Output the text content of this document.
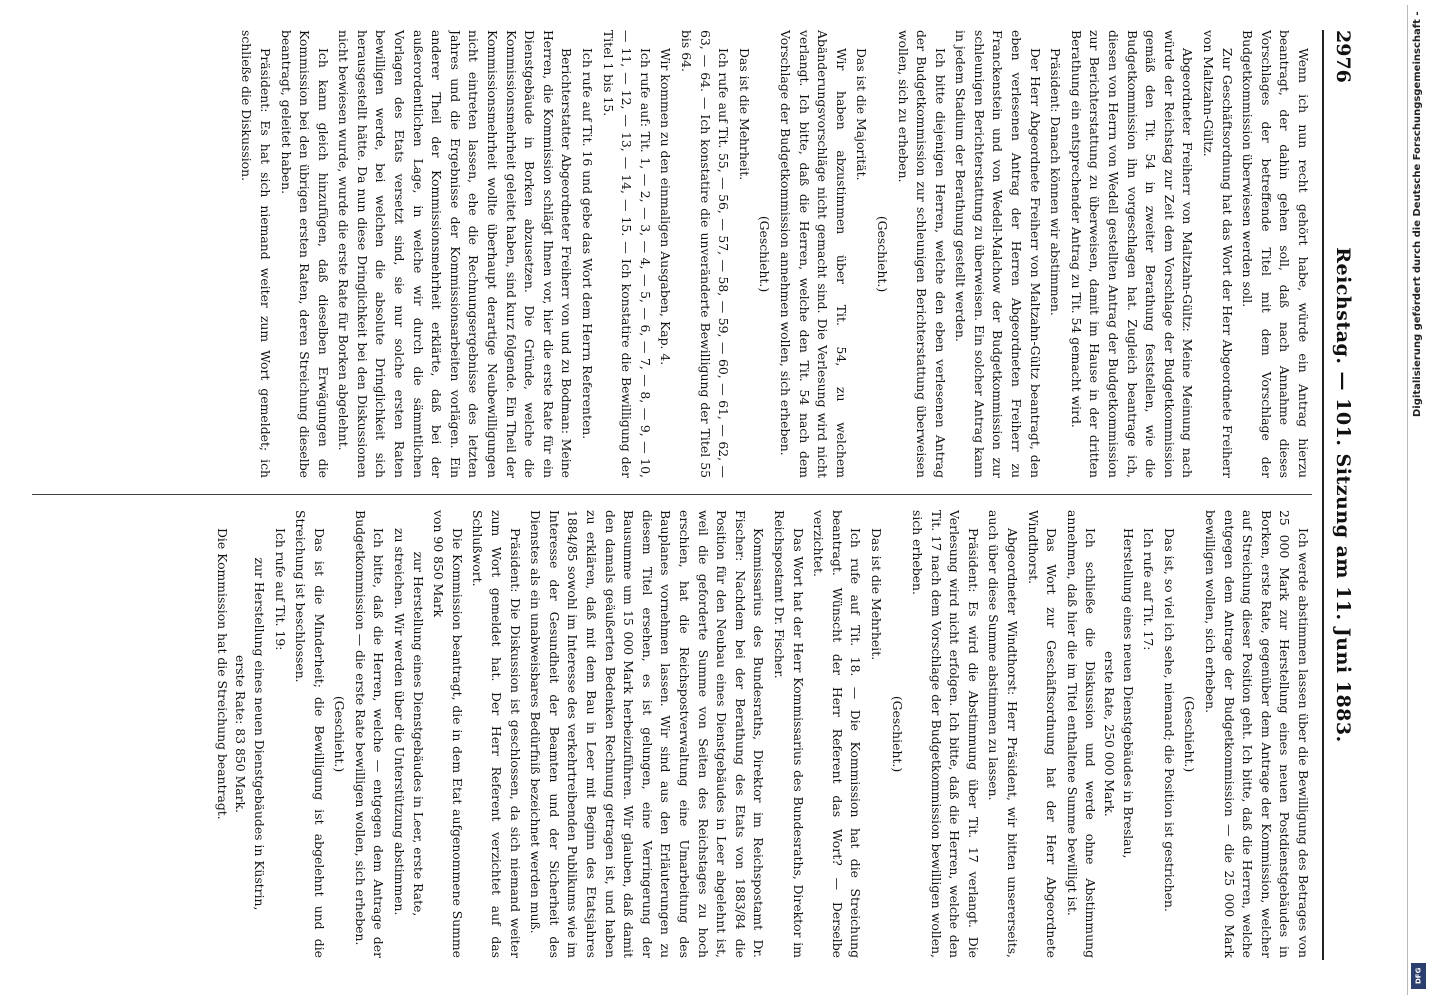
2976
Reichstag. — 101. Sitzung am 11. Juni 1883.

Wenn ich nun recht gehört habe, würde ein Antrag hierzu beantragt, der dahin gehen soll, daß nach Annahme dieses Vorschlages der betreffende Titel mit dem Vorschlage der Budgetkommission überwiesen werden soll.

Zur Geschäftsordnung hat das Wort der Herr Abgeordnete Freiherr von Maltzahn-Gültz.

Abgeordneter Freiherr von Maltzahn-Gültz: Meine Meinung nach würde der Reichstag zur Zeit dem Vorschlage der Budgetkommission gemäß den Tit. 54 in zweiter Berathung feststellen, wie die Budgetkommission ihn vorgeschlagen hat. Zugleich beantrage ich, diesen von Herrn von Wedell gestellten Antrag der Budgetkommission zur Berichterstattung zu überweisen, damit im Hause in der dritten Berathung ein entsprechender Antrag zu Tit. 54 gemacht wird.

Präsident: Danach können wir abstimmen.

Der Herr Abgeordnete Freiherr von Maltzahn-Gültz beantragt, den eben verlesenen Antrag der Herren Abgeordneten Freiherr zu Franckenstein und von Wedell-Malchow der Budgetkommission zur schleunigen Berichterstattung zu überweisen. Ein solcher Antrag kann in jedem Stadium der Berathung gestellt werden.

Ich bitte diejenigen Herren, welche den eben verlesenen Antrag der Budgetkommission zur schleunigen Berichterstattung überweisen wollen, sich zu erheben.

(Geschieht.)

Das ist die Majorität.

Wir haben abzustimmen über Tit. 54, zu welchem Abänderungsvorschläge nicht gemacht sind. Die Verlesung wird nicht verlangt. Ich bitte, daß die Herren, welche den Tit. 54 nach dem Vorschlage der Budgetkommission annehmen wollen, sich erheben.

(Geschieht.)

Das ist die Mehrheit.

Ich rufe auf Tit. 55, — 56, — 57, — 58, — 59, — 60, — 61, — 62, — 63, — 64. — Ich konstatire die unveränderte Bewilligung der Titel 55 bis 64.

Wir kommen zu den einmaligen Ausgaben, Kap. 4.

Ich rufe auf: Tit. 1, — 2, — 3, — 4, — 5, — 6, — 7, — 8, — 9, — 10, — 11, — 12, — 13, — 14, — 15. — Ich konstatire die Bewilligung der Titel 1 bis 15.

Ich rufe auf Tit. 16 und gebe das Wort dem Herrn Referenten.

Berichterstatter Abgeordneter Freiherr von und zu Bodman: Meine Herren, die Kommission schlägt Ihnen vor, hier die erste Rate für ein Dienstgebäude in Borken abzusetzen. Die Gründe, welche die Kommissionsmehrheit geleitet haben, sind kurz folgende. Ein Theil der Kommissionsmehrheit wollte überhaupt derartige Neubewilligungen nicht eintreten lassen, ehe die Rechnungsergebnisse des letzten Jahres und die Ergebnisse der Kommissionsarbeiten vorlägen. Ein anderer Theil der Kommissionsmehrheit erklärte, daß bei der außerordentlichen Lage, in welche wir durch die sämmtlichen Vorlagen des Etats versetzt sind, sie nur solche ersten Raten bewilligen werde, bei welchen die absolute Dringlichkeit sich herausgestellt hätte. Da nun diese Dringlichkeit bei den Diskussionen nicht bewiesen wurde, wurde die erste Rate für Borken abgelehnt.

Ich kann gleich hinzufügen, daß dieselben Erwägungen die Kommission bei den übrigen ersten Raten, deren Streichung dieselbe beantragt, geleitet haben.

Präsident: Es hat sich niemand weiter zum Wort gemeldet; ich schließe die Diskussion.

Ich werde abstimmen lassen über die Bewilligung des Betrages von 25 000 Mark zur Herstellung eines neuen Postdienstgebäudes in Borken, erste Rate, gegenüber dem Antrage der Kommission, welcher auf Streichung dieser Position geht. Ich bitte, daß die Herren, welche entgegen dem Antrage der Budgetkommission — die 25 000 Mark bewilligen wollen, sich erheben.

(Geschieht.)

Das ist, so viel ich sehe, niemand; die Position ist gestrichen.

Ich rufe auf Tit. 17:

Herstellung eines neuen Dienstgebäudes in Breslau,

erste Rate, 250 000 Mark.

Ich schließe die Diskussion und werde ohne Abstimmung annehmen, daß hier die im Titel enthaltene Summe bewilligt ist.

Das Wort zur Geschäftsordnung hat der Herr Abgeordnete Windthorst.

Abgeordneter Windthorst: Herr Präsident, wir bitten unsererseits, auch über diese Summe abstimmen zu lassen.

Präsident: Es wird die Abstimmung über Tit. 17 verlangt. Die Verlesung wird nicht erfolgen. Ich bitte, daß die Herren, welche den Tit. 17 nach dem Vorschlage der Budgetkommission bewilligen wollen, sich erheben.

(Geschieht.)

Das ist die Mehrheit.

Ich rufe auf Tit. 18. — Die Kommission hat die Streichung beantragt. Wünscht der Herr Referent das Wort? — Derselbe verzichtet.

Das Wort hat der Herr Kommissarius des Bundesraths, Direktor im Reichspostamt Dr. Fischer.

Kommissarius des Bundesraths, Direktor im Reichspostamt Dr. Fischer: Nachdem bei der Berathung des Etats von 1883/84 die Position für den Neubau eines Dienstgebäudes in Leer abgelehnt ist, weil die geforderte Summe von Seiten des Reichstages zu hoch erschien, hat die Reichspostverwaltung eine Umarbeitung des Bauplanes vornehmen lassen. Wir sind aus den Erläuterungen zu diesem Titel ersehen, es ist gelungen, eine Verringerung der Bausumme um 15 000 Mark herbeizuführen. Wir glauben, daß damit den damals geäußerten Bedenken Rechnung getragen ist, und haben zu erklären, daß mit dem Bau in Leer mit Beginn des Etatsjahres 1884/85 sowohl im Interesse des verkehrtreibenden Publikums wie im Interesse der Gesundheit der Beamten und der Sicherheit des Dienstes als ein unabweisbares Bedürfniß bezeichnet werden muß.

Präsident: Die Diskussion ist geschlossen, da sich niemand weiter zum Wort gemeldet hat. Der Herr Referent verzichtet auf das Schlußwort.

Die Kommission beantragt, die in dem Etat aufgenommene Summe von 90 850 Mark

zur Herstellung eines Dienstgebäudes in Leer, erste Rate,

zu streichen. Wir werden über die Unterstützung abstimmen.

Ich bitte, daß die Herren, welche — entgegen dem Antrage der Budgetkommission — die erste Rate bewilligen wollen, sich erheben.

(Geschieht.)

Das ist die Minderheit; die Bewilligung ist abgelehnt und die Streichung ist beschlossen.

Ich rufe auf Tit. 19:

zur Herstellung eines neuen Dienstgebäudes in Küstrin,

erste Rate: 83 850 Mark.

Die Kommission hat die Streichung beantragt.

Digitalisierung gefördert durch die Deutsche Forschungsgemeinschaft -
DFG
